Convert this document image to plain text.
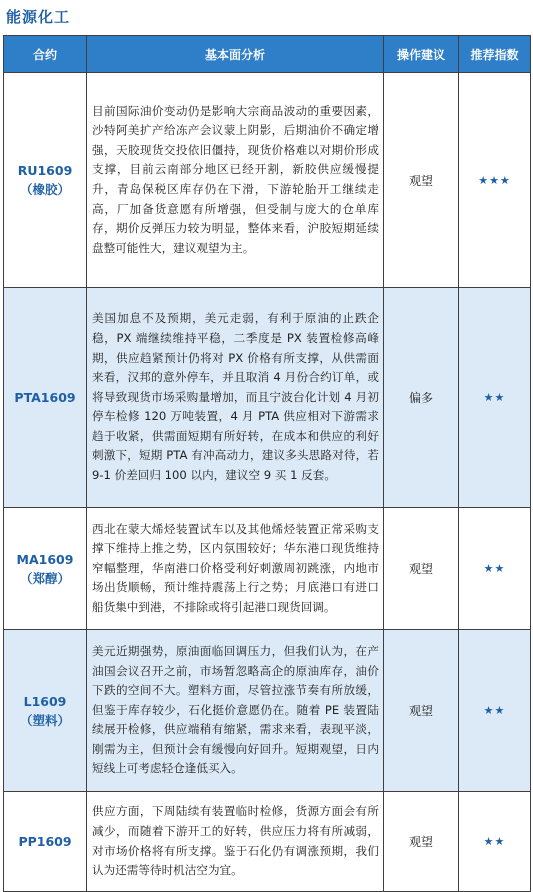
能源化工
合约	基本面分析	操作建议	推荐指数

RU1609
（橡胶）	目前国际油价变动仍是影响大宗商品波动的重要因素，沙特阿美扩产给冻产会议蒙上阴影，后期油价不确定增强，天胶现货交投依旧僵持，现货价格难以对期价形成支撑，目前云南部分地区已经开割，新胶供应缓慢提升，青岛保税区库存仍在下滑，下游轮胎开工继续走高，厂加备货意愿有所增强，但受制与庞大的仓单库存，期价反弹压力较为明显，整体来看，沪胶短期延续盘整可能性大，建议观望为主。	观望	★★★

PTA1609	美国加息不及预期，美元走弱，有利于原油的止跌企稳，PX 端继续维持平稳，二季度是 PX 装置检修高峰期，供应趋紧预计仍将对 PX 价格有所支撑，从供需面来看，汉邦的意外停车，并且取消 4 月份合约订单，或将导致现货市场采购量增加，而且宁波台化计划 4 月初停车检修 120 万吨装置，4 月 PTA 供应相对下游需求趋于收紧，供需面短期有所好转，在成本和供应的利好刺激下，短期 PTA 有冲高动力，建议多头思路对待，若 9-1 价差回归 100 以内，建议空 9 买 1 反套。	偏多	★★

MA1609
（郑醇）	西北在蒙大烯烃装置试车以及其他烯烃装置正常采购支撑下维持上推之势，区内氛围较好；华东港口现货维持窄幅整理，华南港口价格受利好刺激周初跳涨，内地市场出货顺畅，预计维持震荡上行之势；月底港口有进口船货集中到港，不排除或将引起港口现货回调。	观望	★★

L1609
（塑料）	美元近期强势，原油面临回调压力，但我们认为，在产油国会议召开之前，市场暂忽略高企的原油库存，油价下跌的空间不大。塑料方面，尽管拉涨节奏有所放缓，但鉴于库存较少，石化挺价意愿仍在。随着 PE 装置陆续展开检修，供应端稍有缩紧，需求来看，表现平淡，刚需为主，但预计会有缓慢向好回升。短期观望，日内短线上可考虑轻仓逢低买入。	观望	★★

PP1609	供应方面，下周陆续有装置临时检修，货源方面会有所减少，而随着下游开工的好转，供应压力将有所减弱，对市场价格将有所支撑。鉴于石化仍有调涨预期，我们认为还需等待时机沽空为宜。	观望	★★
